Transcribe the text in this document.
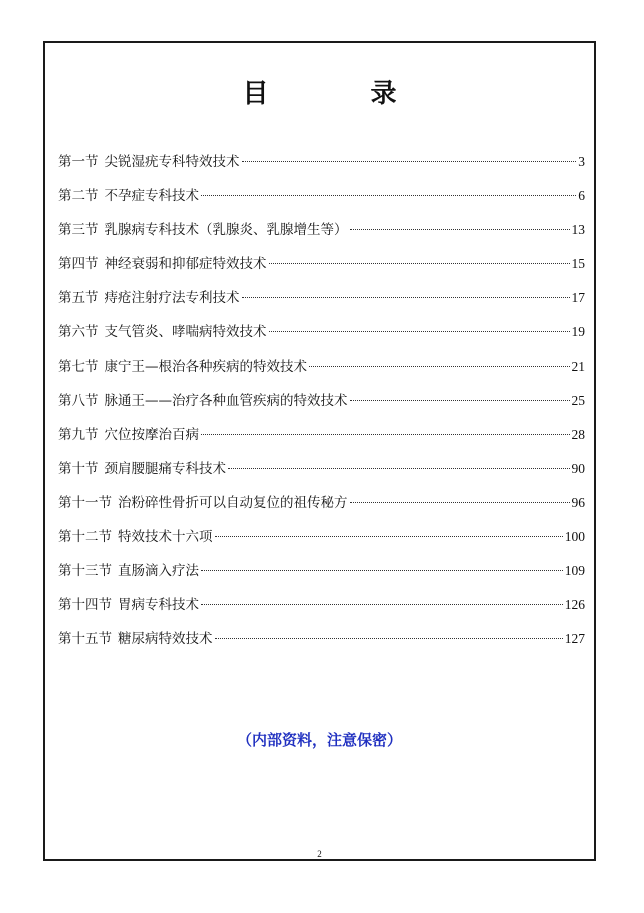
目　录
第一节 尖锐湿疣专科特效技术	3
第二节 不孕症专科技术	6
第三节 乳腺病专科技术（乳腺炎、乳腺增生等）	13
第四节 神经衰弱和抑郁症特效技术	15
第五节 痔疮注射疗法专利技术	17
第六节 支气管炎、哮喘病特效技术	19
第七节 康宁王—根治各种疾病的特效技术	21
第八节 脉通王——治疗各种血管疾病的特效技术	25
第九节 穴位按摩治百病	28
第十节 颈肩腰腿痛专科技术	90
第十一节 治粉碎性骨折可以自动复位的祖传秘方	96
第十二节 特效技术十六项	100
第十三节 直肠滴入疗法	109
第十四节 胃病专科技术	126
第十五节 糖尿病特效技术	127
（内部资料，注意保密）
2
